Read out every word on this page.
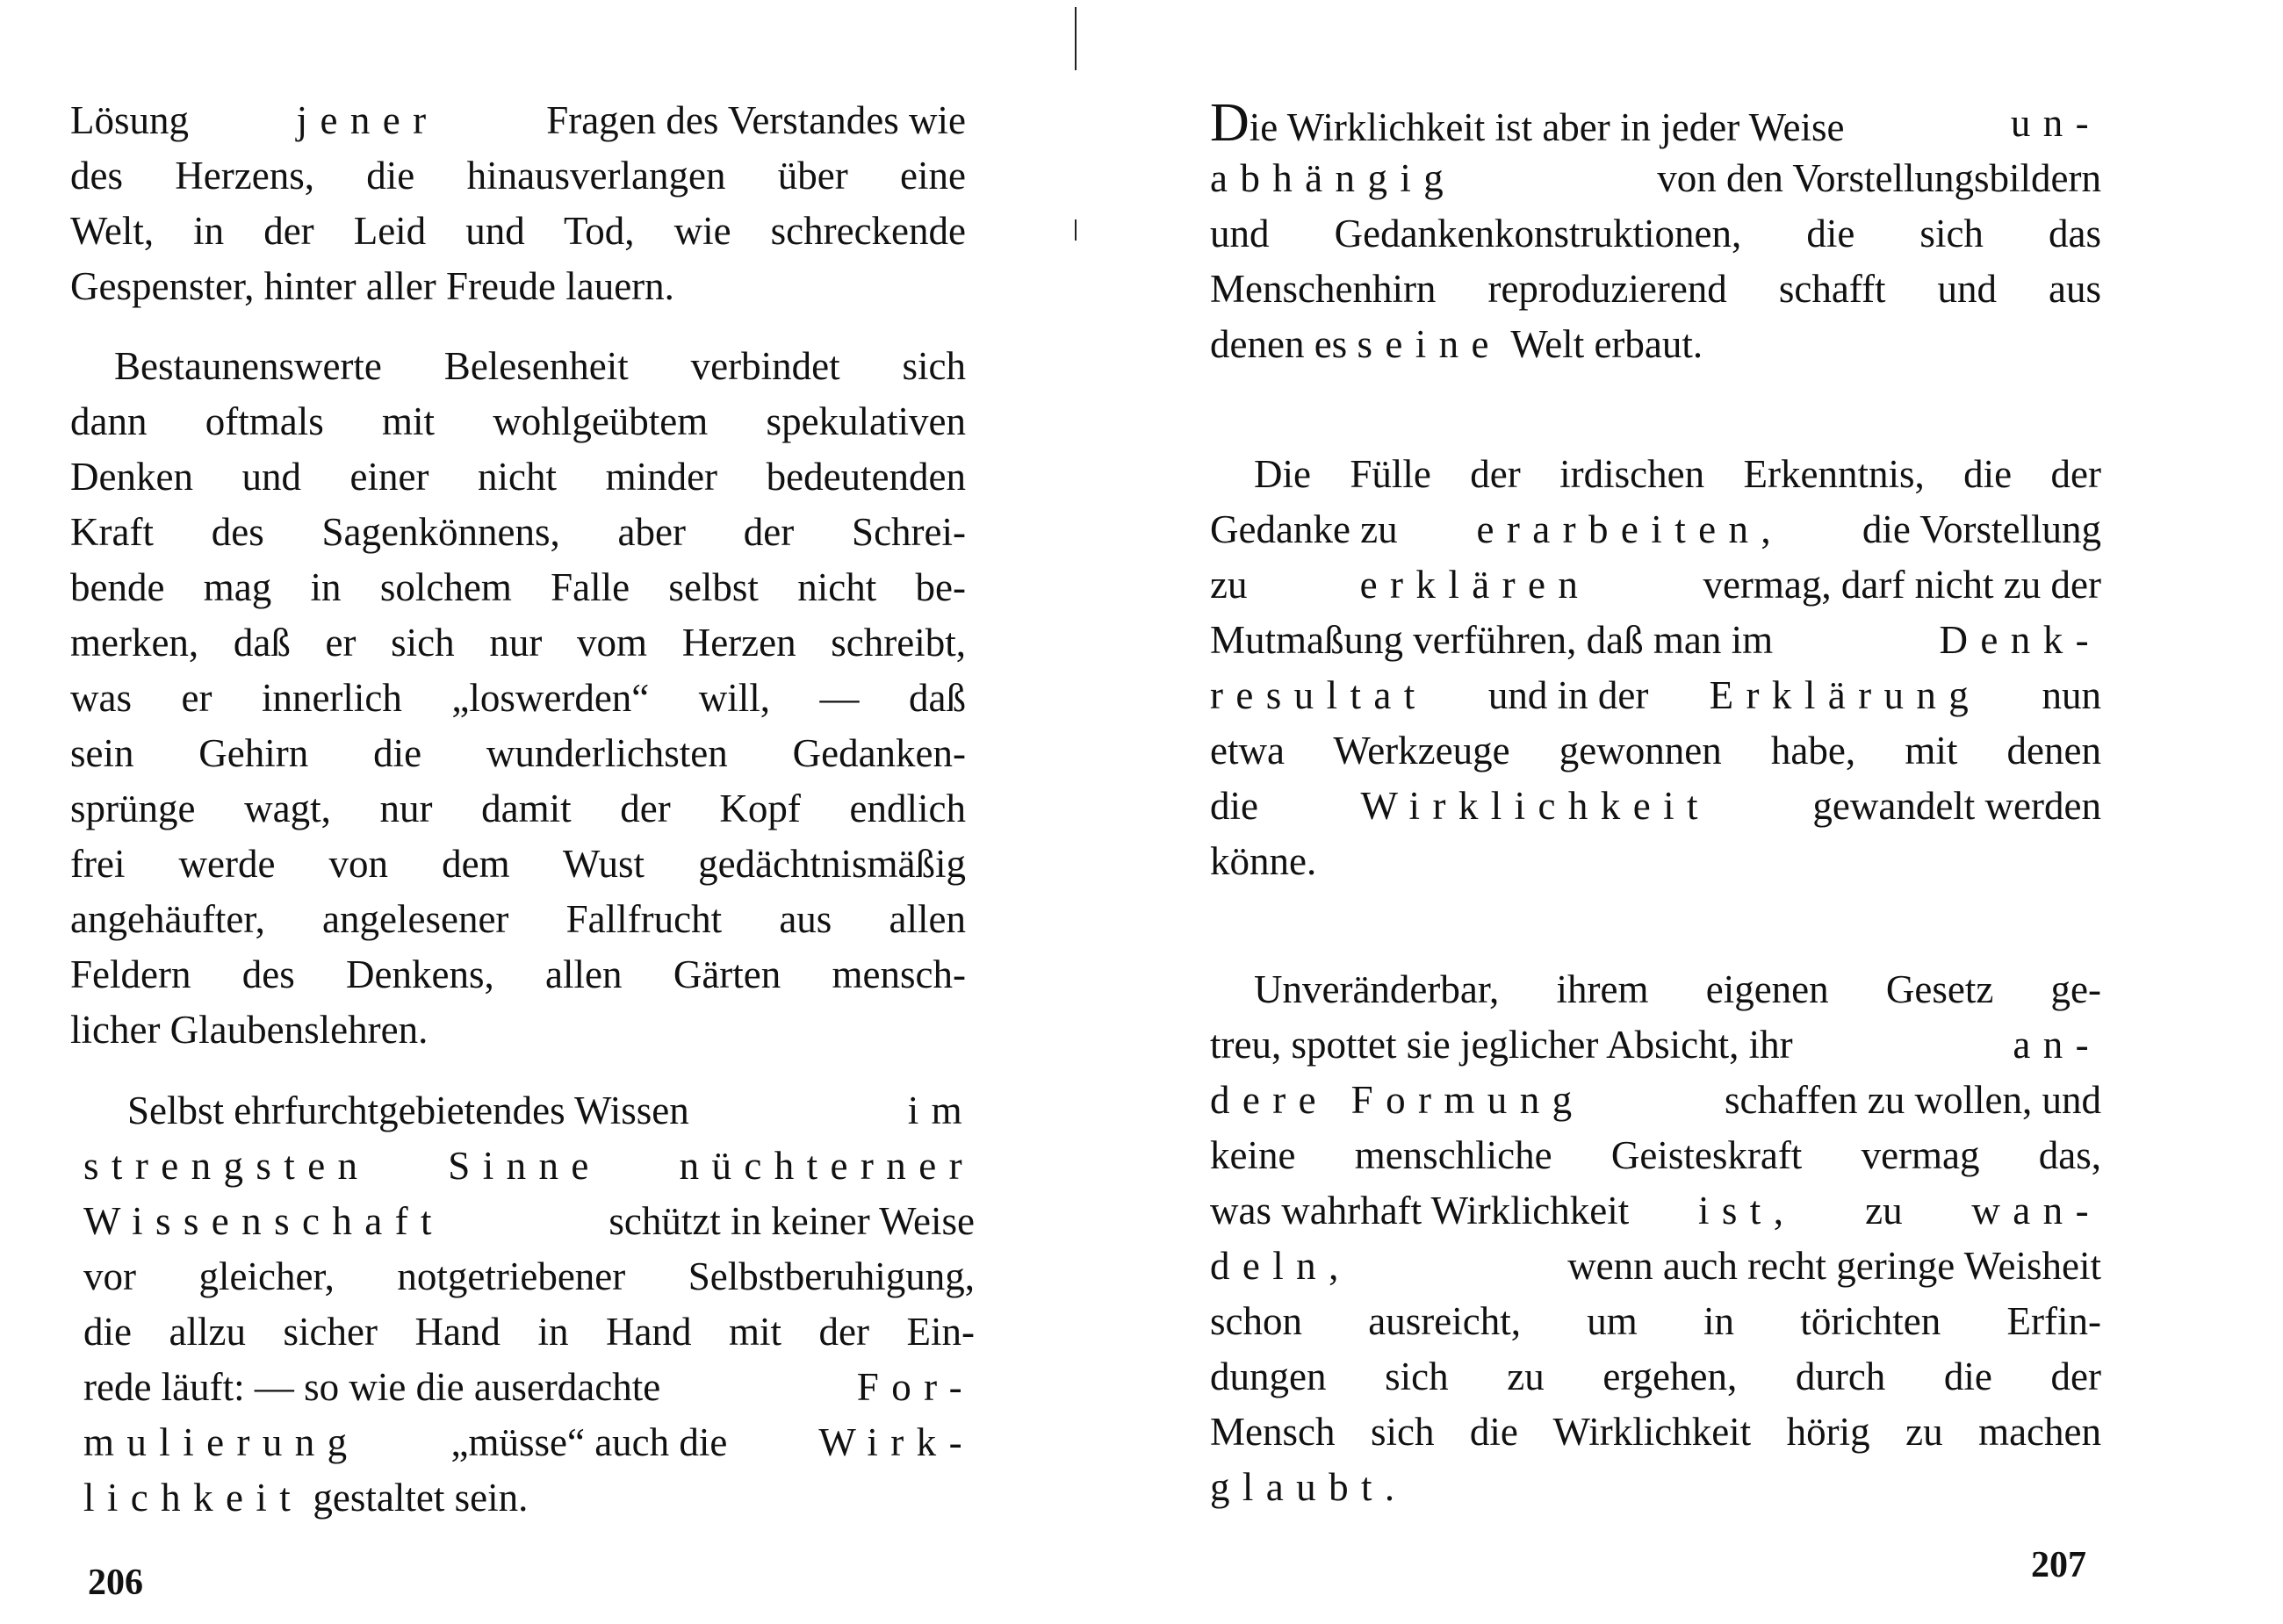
Lösung	jener	Fragen des Verstandes wie
des Herzens, die hinausverlangen über eine
Welt, in der Leid und Tod, wie schreckende
Gespenster, hinter aller Freude lauern.
Bestaunenswerte Belesenheit verbindet sich
dann oftmals mit wohlgeübtem spekulativen
Denken und einer nicht minder bedeutenden
Kraft des Sagenkönnens, aber der Schrei-
bende mag in solchem Falle selbst nicht be-
merken, daß er sich nur vom Herzen schreibt,
was er innerlich „loswerden“ will, — daß
sein Gehirn die wunderlichsten Gedanken-
sprünge wagt, nur damit der Kopf endlich
frei werde von dem Wust gedächtnismäßig
angehäufter, angelesener Fallfrucht aus allen
Feldern des Denkens, allen Gärten mensch-
licher Glaubenslehren.
Selbst ehrfurchtgebietendes Wissen	im
strengsten Sinne nüchterner
Wissenschaft	schützt in keiner Weise
vor gleicher, notgetriebener Selbstberuhigung,
die allzu sicher Hand in Hand mit der Ein-
rede läuft: — so wie die auserdachte	For-
mulierung „müsse“ auch die Wirk-
lichkeit gestaltet sein.
206
Die Wirklichkeit ist aber in jeder Weise	un-
abhängig	von den Vorstellungsbildern
und Gedankenkonstruktionen, die sich das
Menschenhirn reproduzierend schafft und aus
denen es seine Welt erbaut.
Die Fülle der irdischen Erkenntnis, die der
Gedanke zu erarbeiten, die Vorstellung
zu	erklären	vermag, darf nicht zu der
Mutmaßung verführen, daß man im	Denk-
resultat und in der Erklärung nun
etwa Werkzeuge gewonnen habe, mit denen
die	Wirklichkeit	gewandelt werden
könne.
Unveränderbar, ihrem eigenen Gesetz ge-
treu, spottet sie jeglicher Absicht, ihr	an-
dere Formung	schaffen zu wollen, und
keine menschliche Geisteskraft vermag das,
was wahrhaft Wirklichkeit ist, zu wan-
deln,	wenn auch recht geringe Weisheit
schon ausreicht, um in törichten Erfin-
dungen sich zu ergehen, durch die der
Mensch sich die Wirklichkeit hörig zu machen
glaubt.
207
